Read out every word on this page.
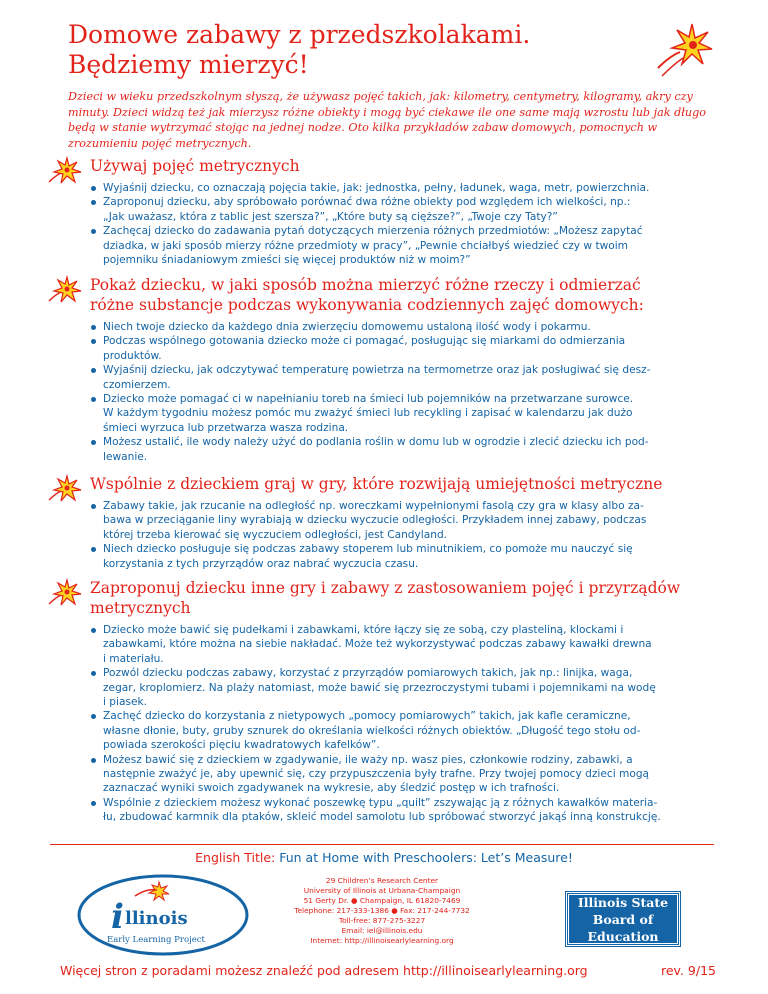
Domowe zabawy z przedszkolakami.
Będziemy mierzyć!

Dzieci w wieku przedszkolnym słyszą, że używasz pojęć takich, jak: kilometry, centymetry, kilogramy, akry czy minuty. Dzieci widzą też jak mierzysz różne obiekty i mogą być ciekawe ile one same mają wzrostu lub jak długo będą w stanie wytrzymać stojąc na jednej nodze. Oto kilka przykładów zabaw domowych, pomocnych w zrozumieniu pojęć metrycznych.

Używaj pojęć metrycznych
Wyjaśnij dziecku, co oznaczają pojęcia takie, jak: jednostka, pełny, ładunek, waga, metr, powierzchnia.
Zaproponuj dziecku, aby spróbowało porównać dwa różne obiekty pod względem ich wielkości, np.:
„Jak uważasz, która z tablic jest szersza?”, „Które buty są cięższe?”, „Twoje czy Taty?”
Zachęcaj dziecko do zadawania pytań dotyczących mierzenia różnych przedmiotów: „Możesz zapytać
dziadka, w jaki sposób mierzy różne przedmioty w pracy”, „Pewnie chciałbyś wiedzieć czy w twoim
pojemniku śniadaniowym zmieści się więcej produktów niż w moim?”
Pokaż dziecku, w jaki sposób można mierzyć różne rzeczy i odmierzać
różne substancje podczas wykonywania codziennych zajęć domowych:
Niech twoje dziecko da każdego dnia zwierzęciu domowemu ustaloną ilość wody i pokarmu.
Podczas wspólnego gotowania dziecko może ci pomagać, posługując się miarkami do odmierzania
produktów.
Wyjaśnij dziecku, jak odczytywać temperaturę powietrza na termometrze oraz jak posługiwać się desz-
czomierzem.
Dziecko może pomagać ci w napełnianiu toreb na śmieci lub pojemników na przetwarzane surowce.
W każdym tygodniu możesz pomóc mu zważyć śmieci lub recykling i zapisać w kalendarzu jak dużo
śmieci wyrzuca lub przetwarza wasza rodzina.
Możesz ustalić, ile wody należy użyć do podlania roślin w domu lub w ogrodzie i zlecić dziecku ich pod-
lewanie.
Wspólnie z dzieckiem graj w gry, które rozwijają umiejętności metryczne
Zabawy takie, jak rzucanie na odległość np. woreczkami wypełnionymi fasolą czy gra w klasy albo za-
bawa w przeciąganie liny wyrabiają w dziecku wyczucie odległości. Przykładem innej zabawy, podczas
której trzeba kierować się wyczuciem odległości, jest Candyland.
Niech dziecko posługuje się podczas zabawy stoperem lub minutnikiem, co pomoże mu nauczyć się
korzystania z tych przyrządów oraz nabrać wyczucia czasu.
Zaproponuj dziecku inne gry i zabawy z zastosowaniem pojęć i przyrządów
metrycznych
Dziecko może bawić się pudełkami i zabawkami, które łączy się ze sobą, czy plasteliną, klockami i
zabawkami, które można na siebie nakładać. Może też wykorzystywać podczas zabawy kawałki drewna
i materiału.
Pozwól dziecku podczas zabawy, korzystać z przyrządów pomiarowych takich, jak np.: linijka, waga,
zegar, kroplomierz. Na plaży natomiast, może bawić się przezroczystymi tubami i pojemnikami na wodę
i piasek.
Zachęć dziecko do korzystania z nietypowych „pomocy pomiarowych” takich, jak kafle ceramiczne,
własne dłonie, buty, gruby sznurek do określania wielkości różnych obiektów. „Długość tego stołu od-
powiada szerokości pięciu kwadratowych kafelków”.
Możesz bawić się z dzieckiem w zgadywanie, ile waży np. wasz pies, członkowie rodziny, zabawki, a
następnie zważyć je, aby upewnić się, czy przypuszczenia były trafne. Przy twojej pomocy dzieci mogą
zaznaczać wyniki swoich zgadywanek na wykresie, aby śledzić postęp w ich trafności.
Wspólnie z dzieckiem możesz wykonać poszewkę typu „quilt” zszywając ją z różnych kawałków materia-
łu, zbudować karmnik dla ptaków, skleić model samolotu lub spróbować stworzyć jakąś inną konstrukcję.
English Title: Fun at Home with Preschoolers: Let’s Measure!
i llinois
Early Learning Project
29 Children’s Research Center
University of Illinois at Urbana-Champaign
51 Gerty Dr. ● Champaign, IL 61820-7469
Telephone: 217-333-1386 ● Fax: 217-244-7732
Toll-free: 877-275-3227
Email: iel@illinois.edu
Internet: http://illinoisearlylearning.org
Illinois State
Board of Education
Więcej stron z poradami możesz znaleźć pod adresem http://illinoisearlylearning.org	rev. 9/15
